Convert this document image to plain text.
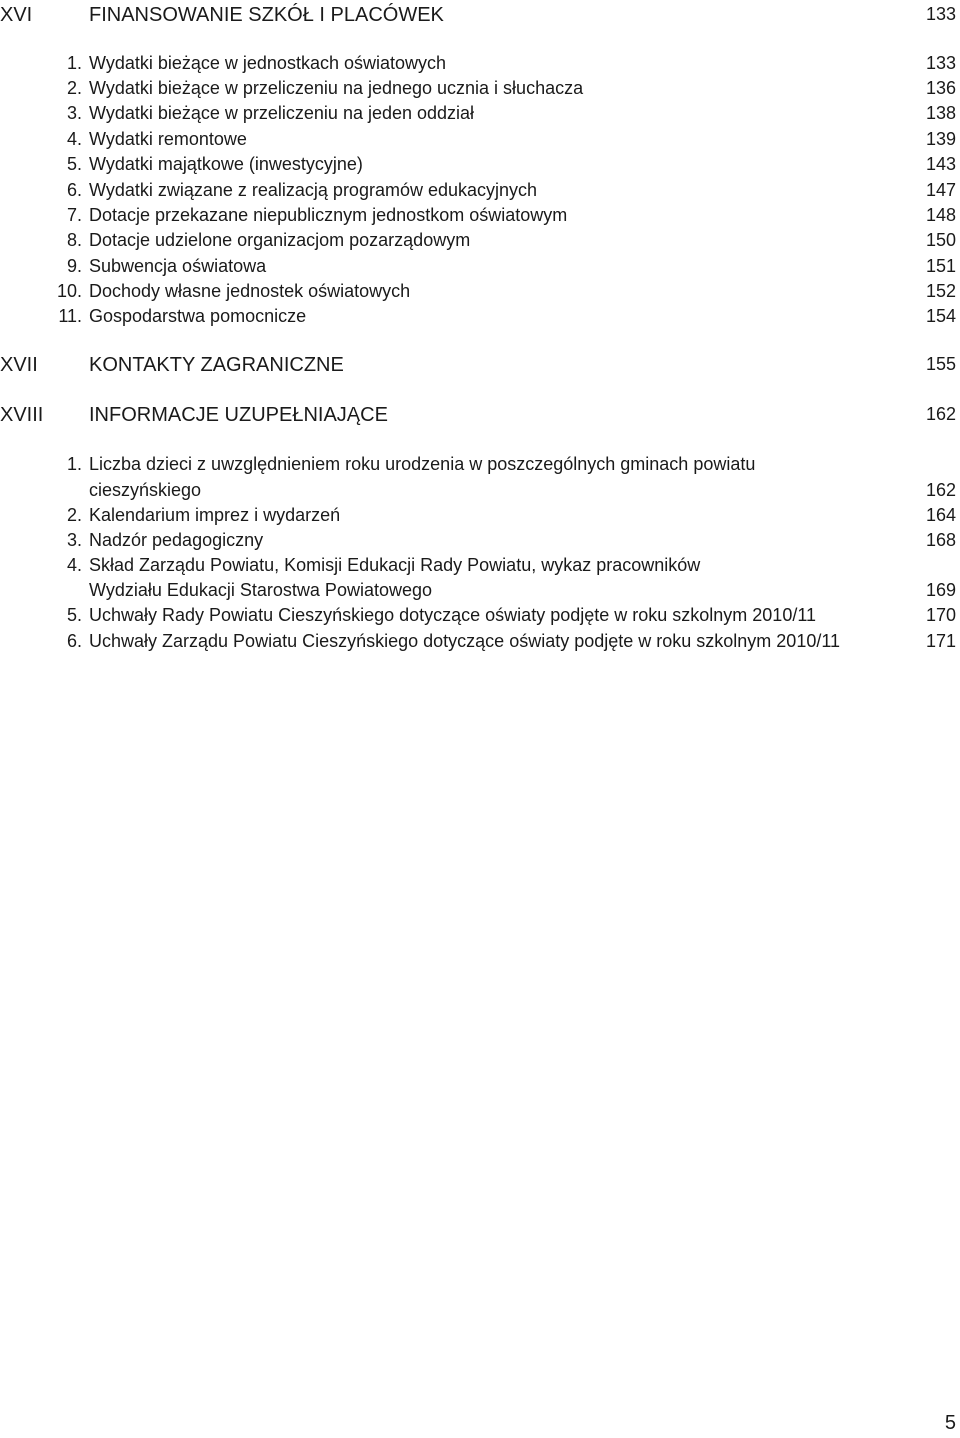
XVI	FINANSOWANIE SZKÓŁ I PLACÓWEK	133
1. Wydatki bieżące w jednostkach oświatowych	133
2. Wydatki bieżące w przeliczeniu na jednego ucznia i słuchacza	136
3. Wydatki bieżące w przeliczeniu na jeden oddział	138
4. Wydatki remontowe	139
5. Wydatki majątkowe (inwestycyjne)	143
6. Wydatki związane z realizacją programów edukacyjnych	147
7. Dotacje przekazane niepublicznym jednostkom oświatowym	148
8. Dotacje udzielone organizacjom pozarządowym	150
9. Subwencja oświatowa	151
10. Dochody własne jednostek oświatowych	152
11. Gospodarstwa pomocnicze	154
XVII	KONTAKTY ZAGRANICZNE	155
XVIII INFORMACJE UZUPEŁNIAJĄCE	162
1. Liczba dzieci z uwzględnieniem roku urodzenia w poszczególnych gminach powiatu
cieszyńskiego	162
2. Kalendarium imprez i wydarzeń	164
3. Nadzór pedagogiczny	168
4. Skład Zarządu Powiatu, Komisji Edukacji Rady Powiatu, wykaz pracowników
Wydziału Edukacji Starostwa Powiatowego	169
5. Uchwały Rady Powiatu Cieszyńskiego dotyczące oświaty podjęte w roku szkolnym 2010/11	170
6. Uchwały Zarządu Powiatu Cieszyńskiego dotyczące oświaty podjęte w roku szkolnym 2010/11	171
5
